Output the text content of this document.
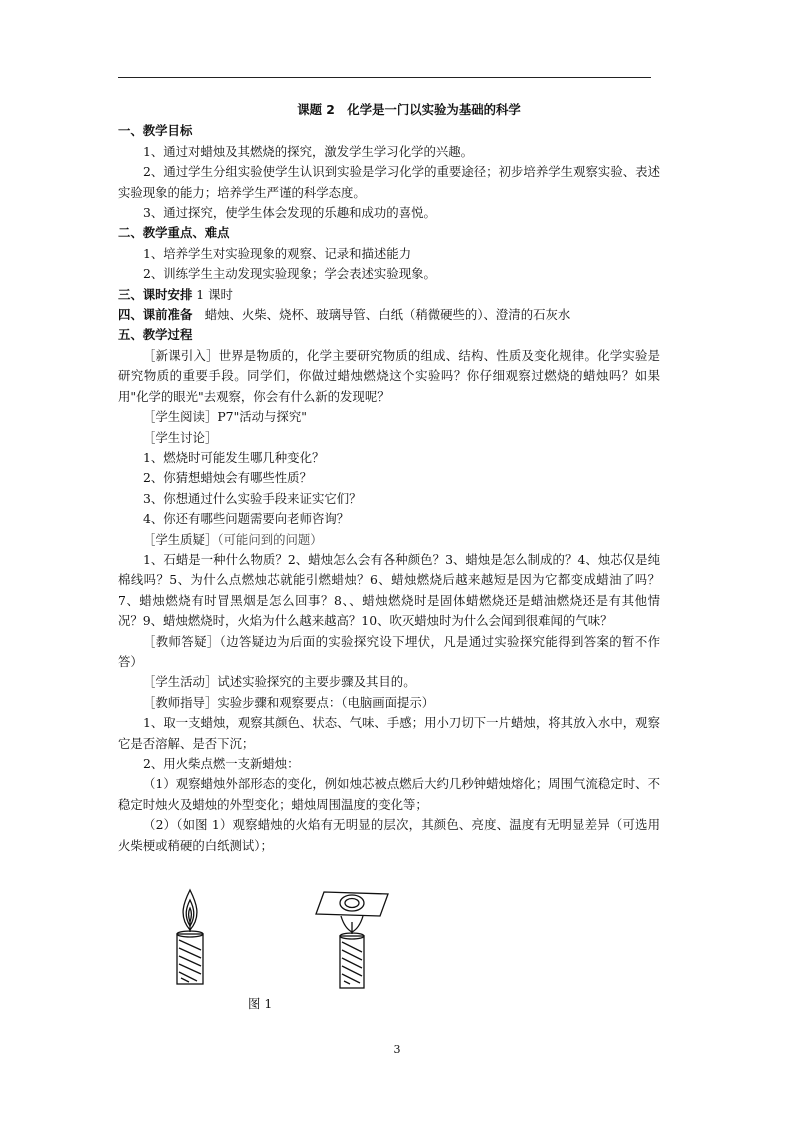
课题 2　化学是一门以实验为基础的科学
一、教学目标
1、通过对蜡烛及其燃烧的探究，激发学生学习化学的兴趣。
2、通过学生分组实验使学生认识到实验是学习化学的重要途径；初步培养学生观察实验、表述实验现象的能力；培养学生严谨的科学态度。
3、通过探究，使学生体会发现的乐趣和成功的喜悦。
二、教学重点、难点
1、培养学生对实验现象的观察、记录和描述能力
2、训练学生主动发现实验现象；学会表述实验现象。
三、课时安排 1 课时
四、课前准备　蜡烛、火柴、烧杯、玻璃导管、白纸（稍微硬些的）、澄清的石灰水
五、教学过程
［新课引入］世界是物质的，化学主要研究物质的组成、结构、性质及变化规律。化学实验是研究物质的重要手段。同学们，你做过蜡烛燃烧这个实验吗？你仔细观察过燃烧的蜡烛吗？如果用"化学的眼光"去观察，你会有什么新的发现呢？
［学生阅读］P7"活动与探究"
［学生讨论］
1、燃烧时可能发生哪几种变化？
2、你猜想蜡烛会有哪些性质？
3、你想通过什么实验手段来证实它们？
4、你还有哪些问题需要向老师咨询？
［学生质疑］（可能问到的问题）
1、石蜡是一种什么物质？2、蜡烛怎么会有各种颜色？3、蜡烛是怎么制成的？4、烛芯仅是纯棉线吗？5、为什么点燃烛芯就能引燃蜡烛？6、蜡烛燃烧后越来越短是因为它都变成蜡油了吗？7、蜡烛燃烧有时冒黑烟是怎么回事？8、、蜡烛燃烧时是固体蜡燃烧还是蜡油燃烧还是有其他情况？9、蜡烛燃烧时，火焰为什么越来越高？10、吹灭蜡烛时为什么会闻到很难闻的气味？
［教师答疑］（边答疑边为后面的实验探究设下埋伏，凡是通过实验探究能得到答案的暂不作答）
［学生活动］试述实验探究的主要步骤及其目的。
［教师指导］实验步骤和观察要点：（电脑画面提示）
1、取一支蜡烛，观察其颜色、状态、气味、手感；用小刀切下一片蜡烛，将其放入水中，观察它是否溶解、是否下沉；
2、用火柴点燃一支新蜡烛：
（1）观察蜡烛外部形态的变化，例如烛芯被点燃后大约几秒钟蜡烛熔化；周围气流稳定时、不稳定时烛火及蜡烛的外型变化；蜡烛周围温度的变化等；
（2）（如图 1）观察蜡烛的火焰有无明显的层次，其颜色、亮度、温度有无明显差异（可选用火柴梗或稍硬的白纸测试）；
图 1
3
